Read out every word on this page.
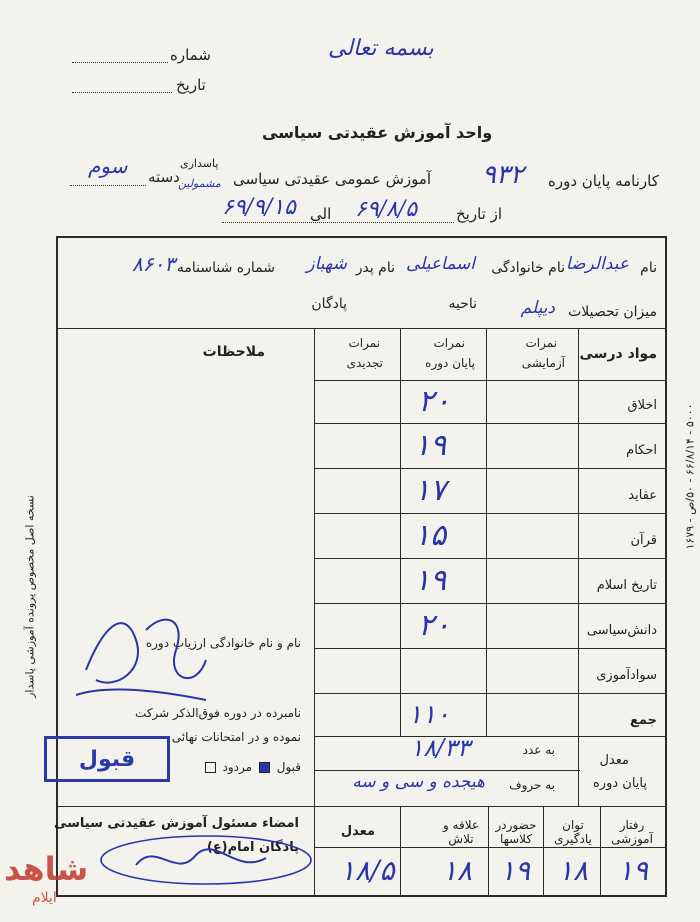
بسمه تعالی
شماره
تاریخ
واحد آموزش عقیدتی سیاسی
کارنامه پایان دوره
۹۳۲
آموزش عمومی عقیدتی سیاسی
پاسداری
مشمولین
دسته
سوم
از تاریخ
۶۹/۸/۵
الی
۶۹/۹/۱۵
نسخه اصل مخصوص پرونده آموزشی پاسدار	۵۰۰۰ - ۶۶/۸/۱۴ - ۵۰/ص - ۱۶۷۹
نام
عبدالرضا
نام خانوادگی
اسماعیلی
نام پدر
شهباز
شماره شناسنامه
۸۶۰۳
میزان تحصیلات
دیپلم
ناحیه
پادگان
مواد درسی
نمرات
آزمایشی
نمرات
پایان دوره
نمرات
تجدیدی
ملاحظات
اخلاق
۲۰
احکام
۱۹
عقاید
۱۷
قرآن
۱۵
تاریخ اسلام
۱۹
دانش‌سیاسی
۲۰
سوادآموزی
جمع
۱۱۰
معدل
پایان دوره
به عدد
۱۸/۳۳
به حروف
هیجده و سی و سه
نام و نام خانوادگی ارزیاب دوره
نامبرده در دوره فوق‌الذکر شرکت
نموده و در امتحانات نهائی
قبول  مردود
رفتار آموزشی
توان یادگیری
حضوردر کلاسها
علاقه و تلاش
معدل
۱۹
۱۸
۱۹
۱۸
۱۸/۵
امضاء مسئول آموزش عقیدتی سیاسی
پادگان امام(ع)
قبول
شاهد
ایلام
